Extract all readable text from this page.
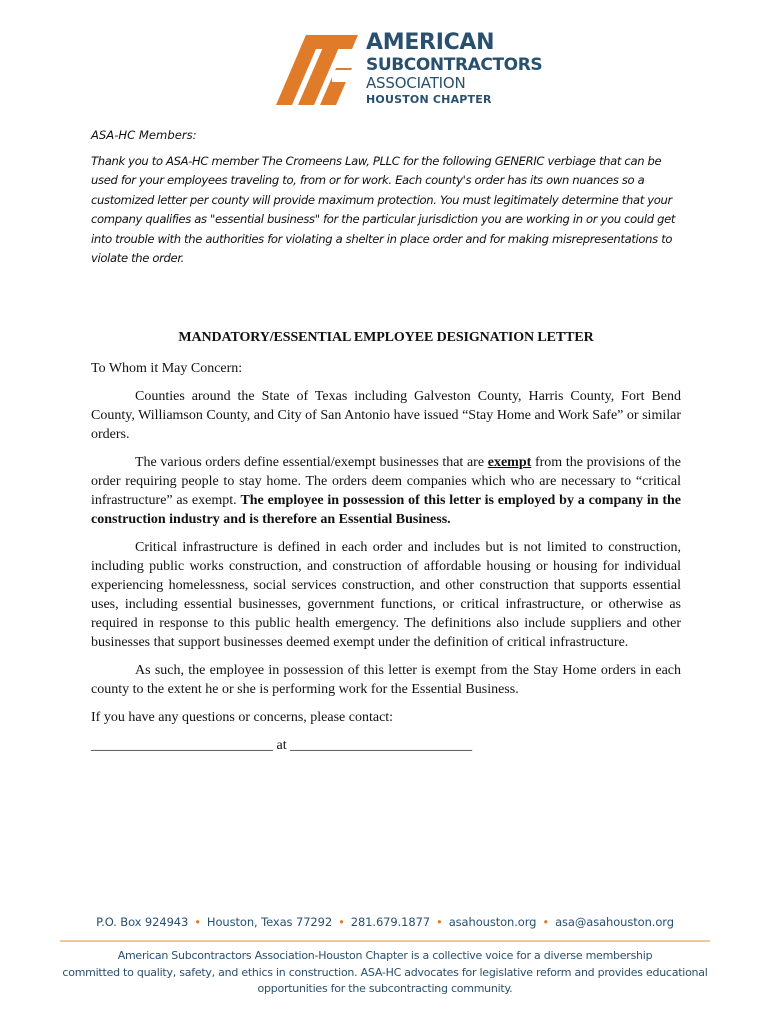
AMERICAN
SUBCONTRACTORS
ASSOCIATION
HOUSTON CHAPTER

ASA-HC Members:

Thank you to ASA-HC member The Cromeens Law, PLLC for the following GENERIC verbiage that can be used for your employees traveling to, from or for work. Each county's order has its own nuances so a customized letter per county will provide maximum protection. You must legitimately determine that your company qualifies as "essential business" for the particular jurisdiction you are working in or you could get into trouble with the authorities for violating a shelter in place order and for making misrepresentations to violate the order.

MANDATORY/ESSENTIAL EMPLOYEE DESIGNATION LETTER

To Whom it May Concern:

Counties around the State of Texas including Galveston County, Harris County, Fort Bend County, Williamson County, and City of San Antonio have issued “Stay Home and Work Safe” or similar orders.

The various orders define essential/exempt businesses that are exempt from the provisions of the order requiring people to stay home. The orders deem companies which who are necessary to “critical infrastructure” as exempt. The employee in possession of this letter is employed by a company in the construction industry and is therefore an Essential Business.

Critical infrastructure is defined in each order and includes but is not limited to construction, including public works construction, and construction of affordable housing or housing for individual experiencing homelessness, social services construction, and other construction that supports essential uses, including essential businesses, government functions, or critical infrastructure, or otherwise as required in response to this public health emergency. The definitions also include suppliers and other businesses that support businesses deemed exempt under the definition of critical infrastructure.

As such, the employee in possession of this letter is exempt from the Stay Home orders in each county to the extent he or she is performing work for the Essential Business.

If you have any questions or concerns, please contact:

__________________________ at __________________________

P.O. Box 924943 • Houston, Texas 77292 • 281.679.1877 • asahouston.org • asa@asahouston.org

American Subcontractors Association-Houston Chapter is a collective voice for a diverse membership

committed to quality, safety, and ethics in construction. ASA-HC advocates for legislative reform and provides educational

opportunities for the subcontracting community.
